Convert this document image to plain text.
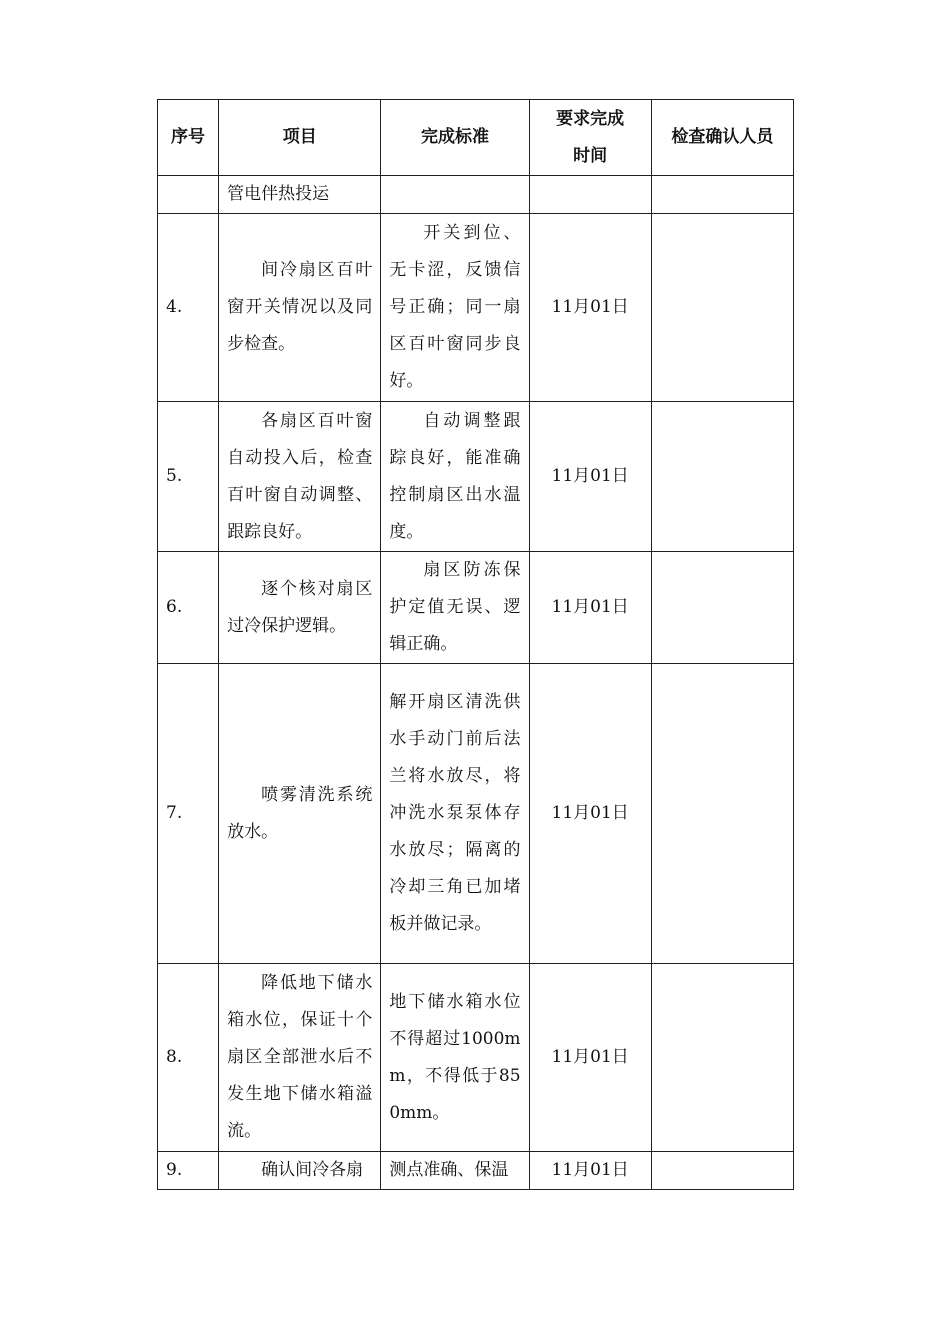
序号	项目	完成标准	要求完成时间	检查确认人员
	管电伴热投运			
4.	间冷扇区百叶窗开关情况以及同步检查。	开关到位、无卡涩，反馈信号正确；同一扇区百叶窗同步良好。	11月01日	
5.	各扇区百叶窗自动投入后，检查百叶窗自动调整、跟踪良好。	自动调整跟踪良好，能准确控制扇区出水温度。	11月01日	
6.	逐个核对扇区过冷保护逻辑。	扇区防冻保护定值无误、逻辑正确。	11月01日	
7.	喷雾清洗系统放水。	解开扇区清洗供水手动门前后法兰将水放尽，将冲洗水泵泵体存水放尽；隔离的冷却三角已加堵板并做记录。	11月01日	
8.	降低地下储水箱水位，保证十个扇区全部泄水后不发生地下储水箱溢流。	地下储水箱水位不得超过1000mm，不得低于850mm。	11月01日	
9.	确认间冷各扇	测点准确、保温	11月01日	
